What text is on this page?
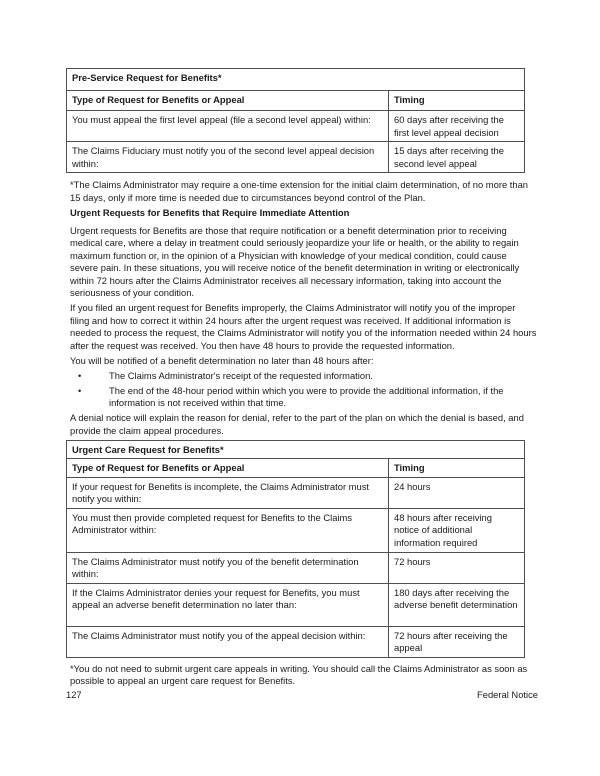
Pre-Service Request for Benefits*	
Type of Request for Benefits or Appeal	Timing
You must appeal the first level appeal (file a second level appeal) within:	60 days after receiving the first level appeal decision
The Claims Fiduciary must notify you of the second level appeal decision within:	15 days after receiving the second level appeal

*The Claims Administrator may require a one-time extension for the initial claim determination, of no more than 15 days, only if more time is needed due to circumstances beyond control of the Plan.

Urgent Requests for Benefits that Require Immediate Attention

Urgent requests for Benefits are those that require notification or a benefit determination prior to receiving medical care, where a delay in treatment could seriously jeopardize your life or health, or the ability to regain maximum function or, in the opinion of a Physician with knowledge of your medical condition, could cause severe pain. In these situations, you will receive notice of the benefit determination in writing or electronically within 72 hours after the Claims Administrator receives all necessary information, taking into account the seriousness of your condition.

If you filed an urgent request for Benefits improperly, the Claims Administrator will notify you of the improper filing and how to correct it within 24 hours after the urgent request was received. If additional information is needed to process the request, the Claims Administrator will notify you of the information needed within 24 hours after the request was received. You then have 48 hours to provide the requested information.

You will be notified of a benefit determination no later than 48 hours after:

•	The Claims Administrator's receipt of the requested information.
•	The end of the 48-hour period within which you were to provide the additional information, if the information is not received within that time.

A denial notice will explain the reason for denial, refer to the part of the plan on which the denial is based, and provide the claim appeal procedures.

Urgent Care Request for Benefits*	
Type of Request for Benefits or Appeal	Timing
If your request for Benefits is incomplete, the Claims Administrator must notify you within:	24 hours
You must then provide completed request for Benefits to the Claims Administrator within:	48 hours after receiving notice of additional information required
The Claims Administrator must notify you of the benefit determination within:	72 hours
If the Claims Administrator denies your request for Benefits, you must appeal an adverse benefit determination no later than:	180 days after receiving the adverse benefit determination
The Claims Administrator must notify you of the appeal decision within:	72 hours after receiving the appeal

*You do not need to submit urgent care appeals in writing. You should call the Claims Administrator as soon as possible to appeal an urgent care request for Benefits.

127	Federal Notice
